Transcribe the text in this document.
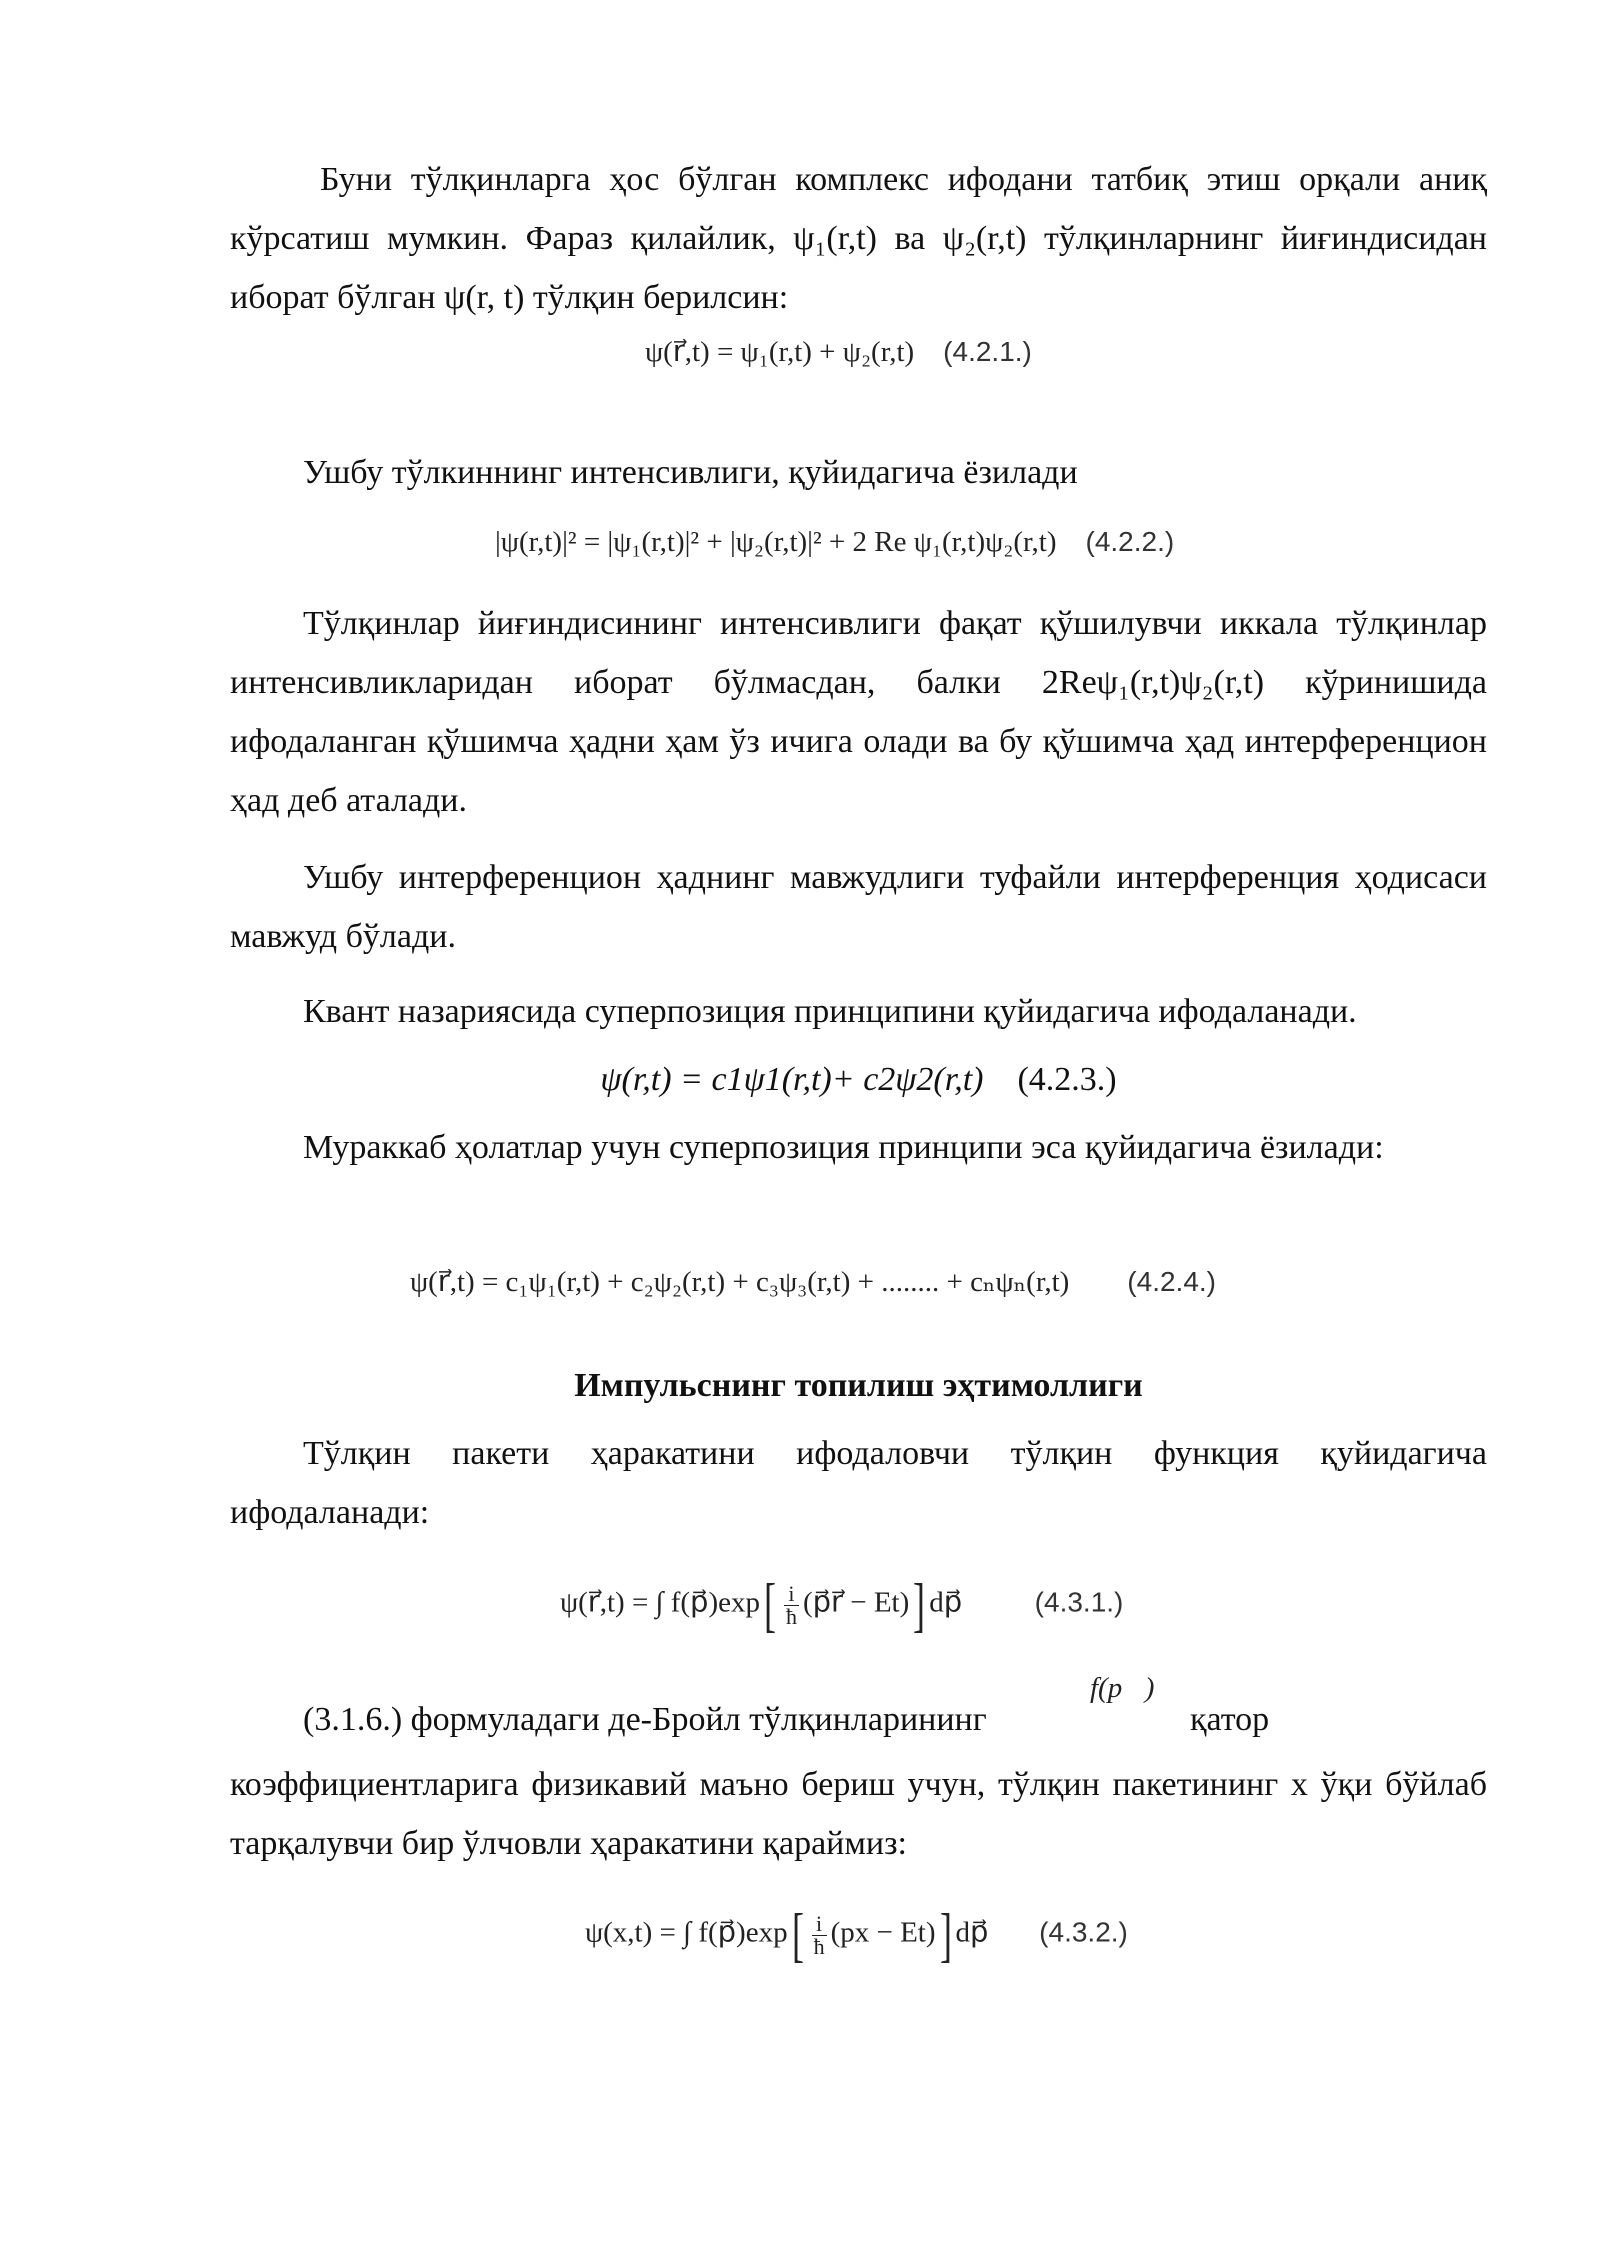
Буни тўлқинларга ҳос бўлган комплекс ифодани татбиқ этиш орқали аниқ кўрсатиш мумкин. Фараз қилайлик, ψ₁(r,t) ва ψ₂(r,t) тўлқинларнинг йиғиндисидан иборат бўлган ψ(r, t) тўлқин берилсин:

ψ(r⃗,t) = ψ₁(r,t) + ψ₂(r,t) (4.2.1.)

Ушбу тўлкиннинг интенсивлиги, қуйидагича ёзилади

|ψ(r,t)|² = |ψ₁(r,t)|² + |ψ₂(r,t)|² + 2 Re ψ₁(r,t)ψ₂(r,t) (4.2.2.)

Тўлқинлар йиғиндисининг интенсивлиги фақат қўшилувчи иккала тўлқинлар интенсивликларидан иборат бўлмасдан, балки 2Reψ₁(r,t)ψ₂(r,t) кўринишида ифодаланган қўшимча ҳадни ҳам ўз ичига олади ва бу қўшимча ҳад интерференцион ҳад деб аталади.

Ушбу интерференцион ҳаднинг мавжудлиги туфайли интерференция ҳодисаси мавжуд бўлади.

Квант назариясида суперпозиция принципини қуйидагича ифодаланади.

ψ(r,t) = c1ψ1(r,t)+ c2ψ2(r,t) (4.2.3.)

Мураккаб ҳолатлар учун суперпозиция принципи эса қуйидагича ёзилади:

ψ(r⃗,t) = c₁ψ₁(r,t) + c₂ψ₂(r,t) + c₃ψ₃(r,t) + ........ + cₙψₙ(r,t) (4.2.4.)
Импульснинг топилиш эҳтимоллиги

Тўлқин пакети ҳаракатини ифодаловчи тўлқин функция қуйидагича ифодаланади:

ψ(r⃗,t) = ∫ f(p⃗)exp[ $\frac{i}{ħ}$ (p⃗r⃗ − Et)] dp⃗	(4.3.1.)
(3.1.6.) формуладаги де-Бройл тўлқинларининг
f(p⃗)
қатор

коэффициентларига физикавий маъно бериш учун, тўлқин пакетининг x ўқи бўйлаб тарқалувчи бир ўлчовли ҳаракатини қараймиз:

ψ(x,t) = ∫ f(p⃗)exp[ $\frac{i}{ħ} (px - Et)$] dp⃗ (4.3.2.)
